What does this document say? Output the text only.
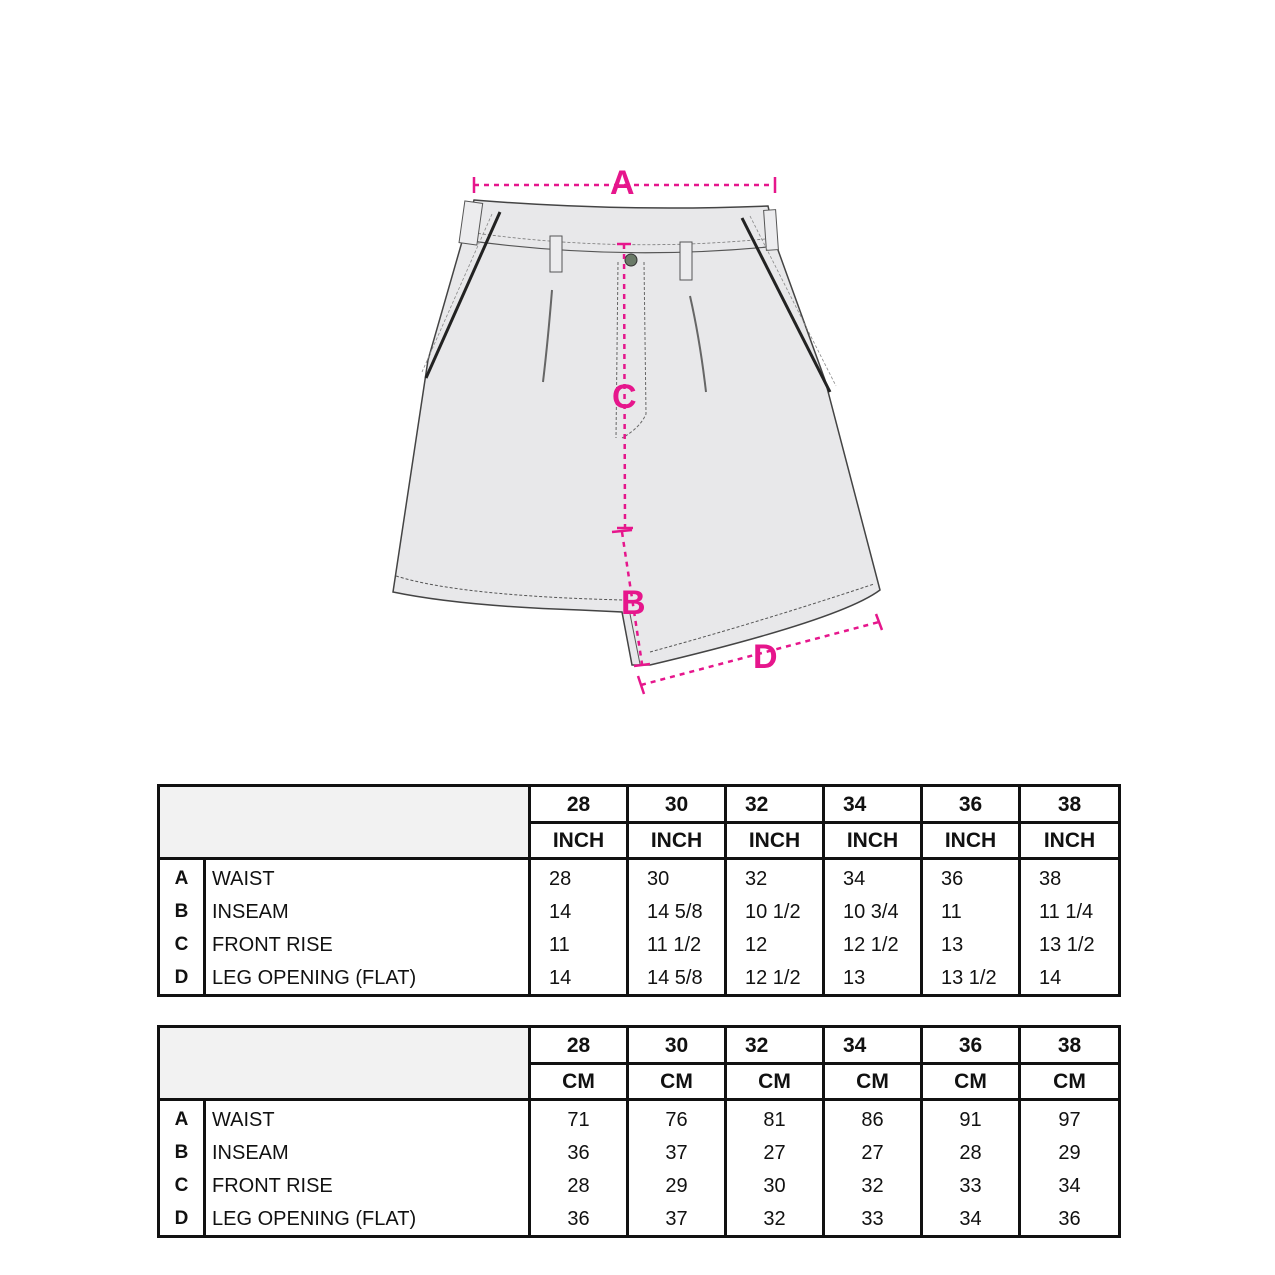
A
C
B
D
		28	30	32	34	36	38
		INCH	INCH	INCH	INCH	INCH	INCH
A	WAIST	28	30	32	34	36	38
B	INSEAM	14	14 5/8	10 1/2	10 3/4	11	11 1/4
C	FRONT RISE	11	11 1/2	12	12 1/2	13	13 1/2
D	LEG OPENING (FLAT)	14	14 5/8	12 1/2	13	13 1/2	14
		28	30	32	34	36	38
		CM	CM	CM	CM	CM	CM
A	WAIST	71	76	81	86	91	97
B	INSEAM	36	37	27	27	28	29
C	FRONT RISE	28	29	30	32	33	34
D	LEG OPENING (FLAT)	36	37	32	33	34	36
